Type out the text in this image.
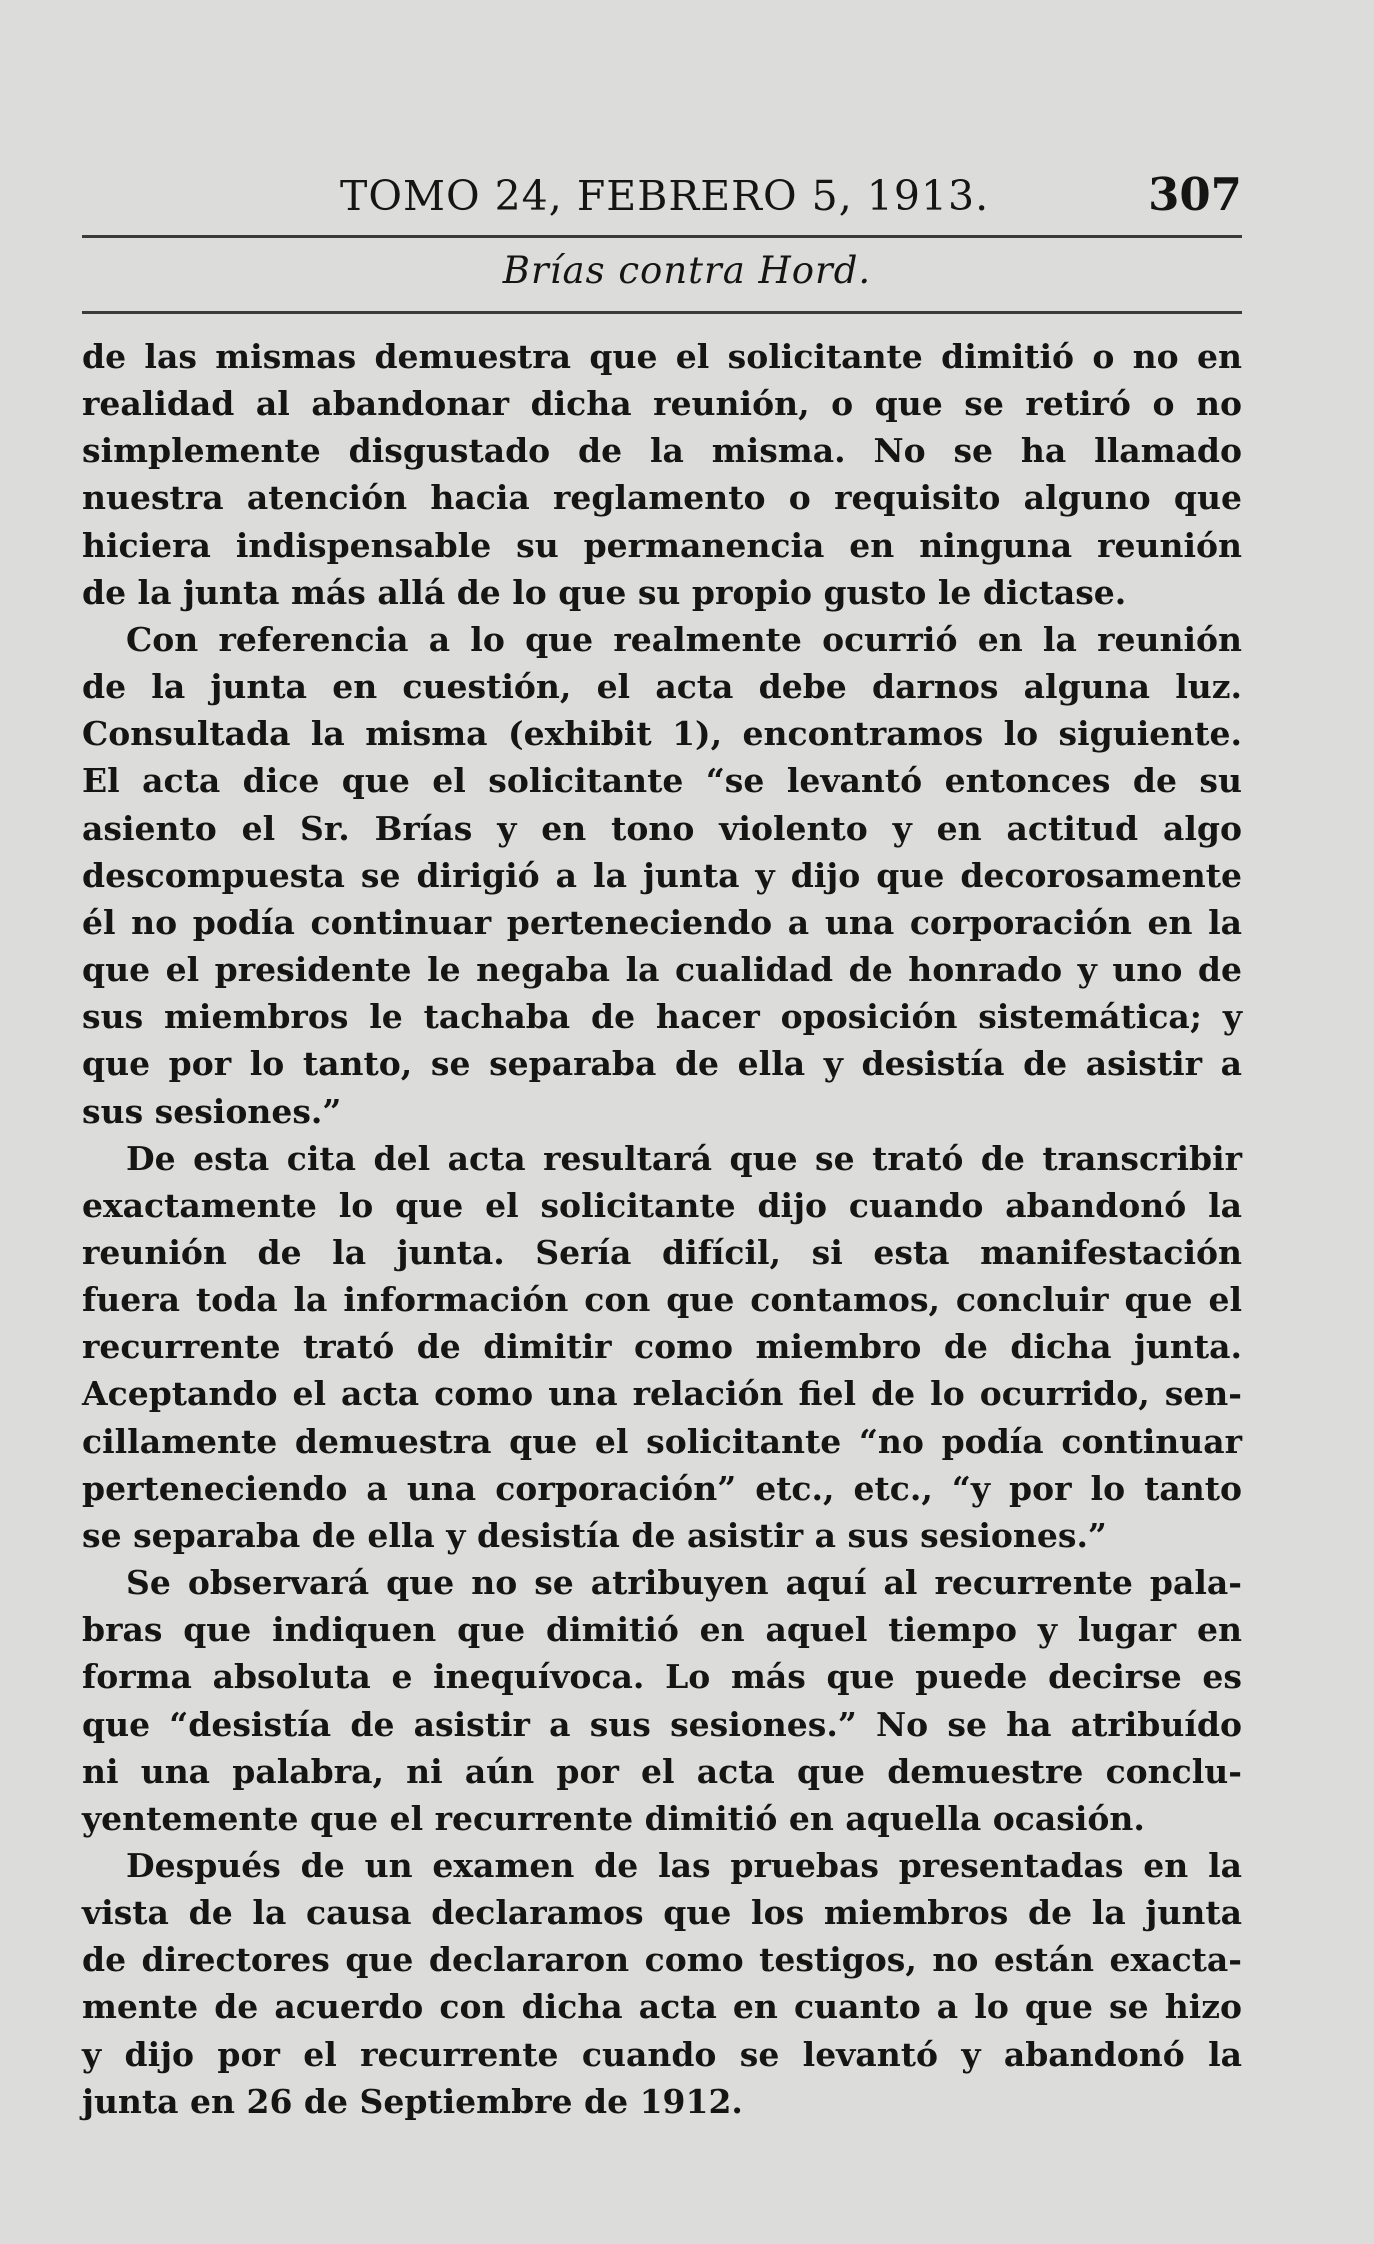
TOMO 24, FEBRERO 5, 1913.	307
Brías contra Hord.
de las mismas demuestra que el solicitante dimitió o no en
realidad al abandonar dicha reunión, o que se retiró o no
simplemente disgustado de la misma. No se ha llamado
nuestra atención hacia reglamento o requisito alguno que
hiciera indispensable su permanencia en ninguna reunión
de la junta más allá de lo que su propio gusto le dictase.
Con referencia a lo que realmente ocurrió en la reunión
de la junta en cuestión, el acta debe darnos alguna luz.
Consultada la misma (exhibit 1), encontramos lo siguiente.
El acta dice que el solicitante “se levantó entonces de su
asiento el Sr. Brías y en tono violento y en actitud algo
descompuesta se dirigió a la junta y dijo que decorosamente
él no podía continuar perteneciendo a una corporación en la
que el presidente le negaba la cualidad de honrado y uno de
sus miembros le tachaba de hacer oposición sistemática; y
que por lo tanto, se separaba de ella y desistía de asistir a
sus sesiones.”
De esta cita del acta resultará que se trató de transcribir
exactamente lo que el solicitante dijo cuando abandonó la
reunión de la junta. Sería difícil, si esta manifestación
fuera toda la información con que contamos, concluir que el
recurrente trató de dimitir como miembro de dicha junta.
Aceptando el acta como una relación fiel de lo ocurrido, sen-
cillamente demuestra que el solicitante “no podía continuar
perteneciendo a una corporación” etc., etc., “y por lo tanto
se separaba de ella y desistía de asistir a sus sesiones.”
Se observará que no se atribuyen aquí al recurrente pala-
bras que indiquen que dimitió en aquel tiempo y lugar en
forma absoluta e inequívoca. Lo más que puede decirse es
que “desistía de asistir a sus sesiones.” No se ha atribuído
ni una palabra, ni aún por el acta que demuestre conclu-
yentemente que el recurrente dimitió en aquella ocasión.
Después de un examen de las pruebas presentadas en la
vista de la causa declaramos que los miembros de la junta
de directores que declararon como testigos, no están exacta-
mente de acuerdo con dicha acta en cuanto a lo que se hizo
y dijo por el recurrente cuando se levantó y abandonó la
junta en 26 de Septiembre de 1912.
